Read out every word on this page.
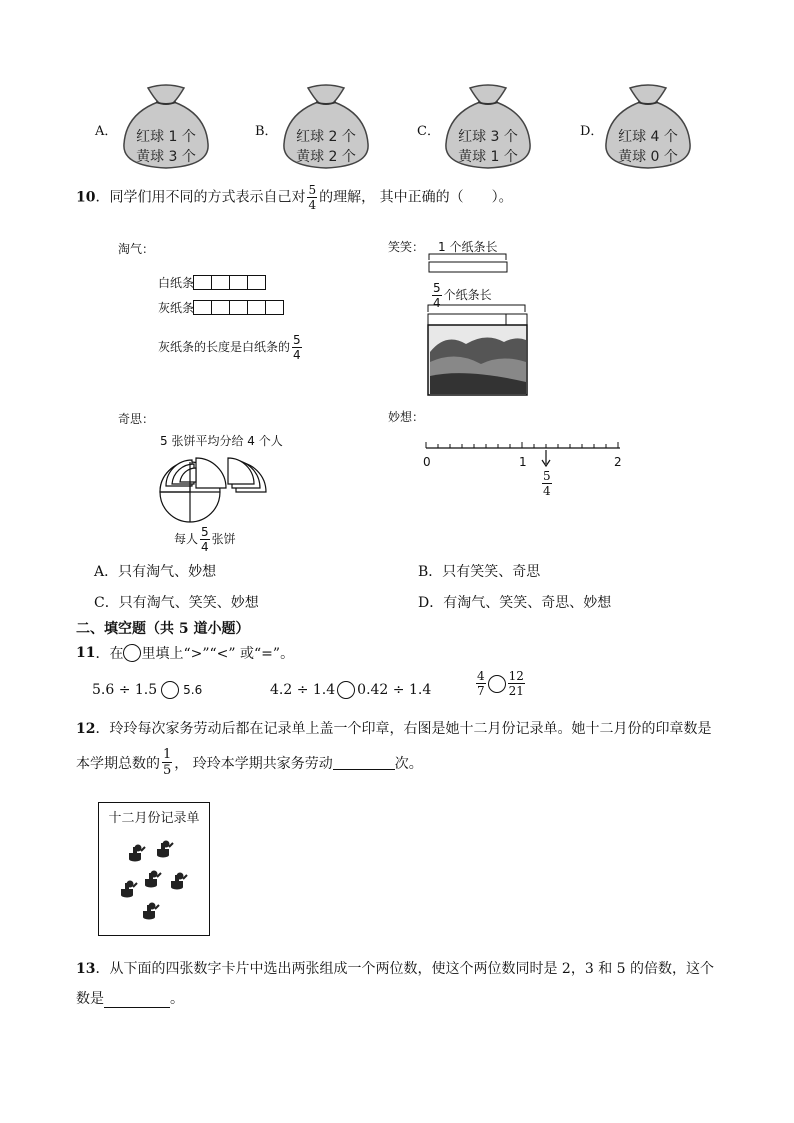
A．	红球 1 个
黄球 3 个
B．	红球 2 个
黄球 2 个
C．	红球 3 个
黄球 1 个
D．	红球 4 个
黄球 0 个
10．同学们用不同的方式表示自己对 $\frac{5}{4}$ 的理解， 其中正确的（　　）。
淘气：
白纸条
灰纸条
灰纸条的长度是白纸条的 $\frac{5}{4}$
笑笑： 1 个纸条长
$\frac{5}{4}$ 个纸条长
奇思：
5 张饼平均分给 4 个人
每人 $\frac{5}{4}$ 张饼
妙想：
0	1	2
$\frac{5}{4}$
A．只有淘气、妙想	B．只有笑笑、奇思
C．只有淘气、笑笑、妙想	D．有淘气、笑笑、奇思、妙想
二、填空题（共 5 道小题）
11 ．在 里填上“>”“<” 或“=”。
5.6 ÷ 1.5 5.6	4.2 ÷ 1.4 0.42 ÷ 1.4	$\frac{4}{7} \frac{12}{21}$
12．玲玲每次家务劳动后都在记录单上盖一个印章，右图是她十二月份记录单。她十二月份的印章数是
本学期总数的 $\frac{1}{5}$ ， 玲玲本学期共家务劳动	次。
十二月份记录单
13．从下面的四张数字卡片中选出两张组成一个两位数，使这个两位数同时是 2，3 和 5 的倍数，这个
数是	。
